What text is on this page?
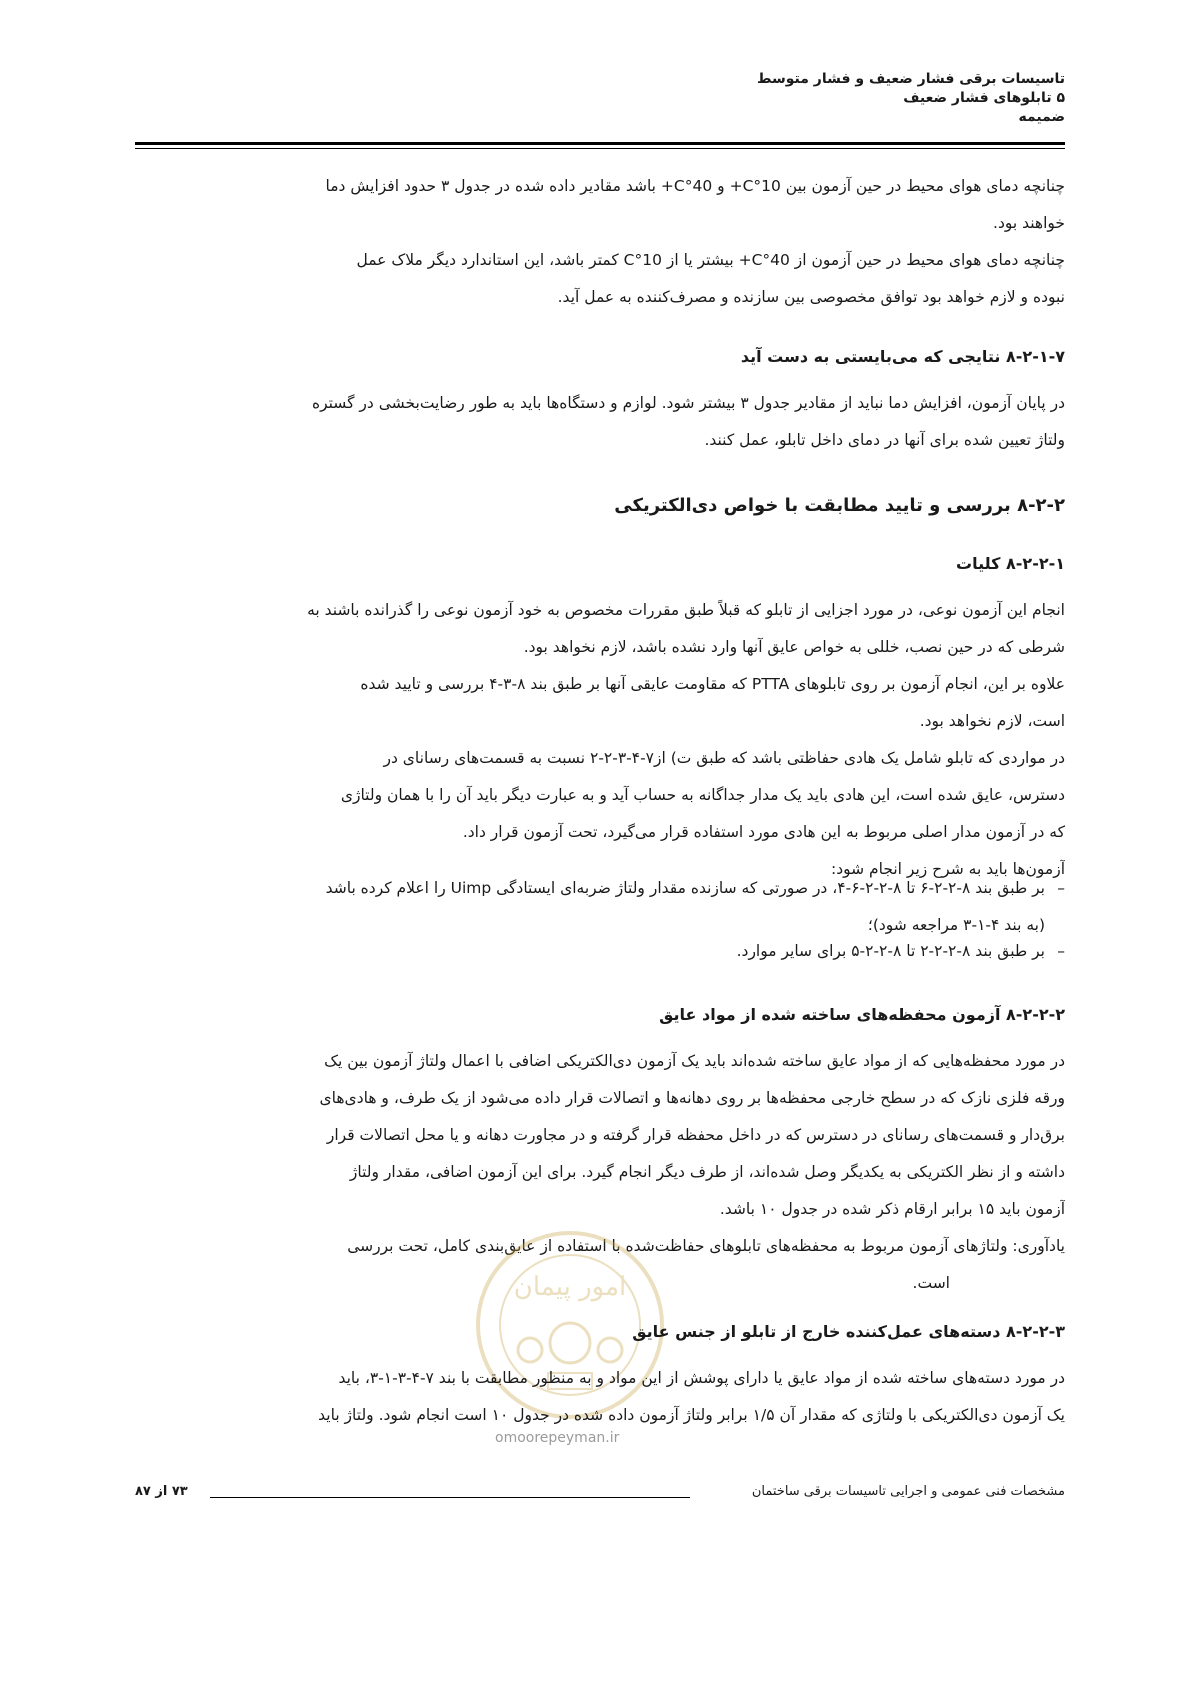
تاسیسات برقی فشار ضعیف و فشار متوسط
۵ تابلوهای فشار ضعیف
ضمیمه
چنانچه دمای هوای محیط در حین آزمون بین 10°C+ و 40°C+ باشد مقادیر داده شده در جدول ۳ حدود افزایش دما
خواهند بود.
چنانچه دمای هوای محیط در حین آزمون از 40°C+ بیشتر یا از 10°C کمتر باشد، این استاندارد دیگر ملاک عمل
نبوده و لازم خواهد بود توافق مخصوصی بین سازنده و مصرف‌کننده به عمل آید.
۸-۲-۱-۷ نتایجی که می‌بایستی به دست آید
در پایان آزمون، افزایش دما نباید از مقادیر جدول ۳ بیشتر شود. لوازم و دستگاه‌ها باید به طور رضایت‌بخشی در گستره
ولتاژ تعیین شده برای آنها در دمای داخل تابلو، عمل کنند.
۸-۲-۲ بررسی و تایید مطابقت با خواص دی‌الکتریکی
۸-۲-۲-۱ کلیات
انجام این آزمون نوعی، در مورد اجزایی از تابلو که قبلاً طبق مقررات مخصوص به خود آزمون نوعی را گذرانده باشند به
شرطی که در حین نصب، خللی به خواص عایق آنها وارد نشده باشد، لازم نخواهد بود.
علاوه بر این، انجام آزمون بر روی تابلوهای PTTA که مقاومت عایقی آنها بر طبق بند ۸-۳-۴ بررسی و تایید شده
است، لازم نخواهد بود.
در مواردی که تابلو شامل یک هادی حفاظتی باشد که طبق ت) از۷-۴-۳-۲-۲ نسبت به قسمت‌های رسانای در
دسترس، عایق شده است، این هادی باید یک مدار جداگانه به حساب آید و به عبارت دیگر باید آن را با همان ولتاژی
که در آزمون مدار اصلی مربوط به این هادی مورد استفاده قرار می‌گیرد، تحت آزمون قرار داد.
آزمون‌ها باید به شرح زیر انجام شود:
–
بر طبق بند ۸-۲-۲-۶ تا ۸-۲-۲-۶-۴، در صورتی که سازنده مقدار ولتاژ ضربه‌ای ایستادگی Uimp را اعلام کرده باشد
(به بند ۴-۱-۳ مراجعه شود)؛
–
بر طبق بند ۸-۲-۲-۲ تا ۸-۲-۲-۵ برای سایر موارد.
۸-۲-۲-۲ آزمون محفظه‌های ساخته شده از مواد عایق
در مورد محفظه‌هایی که از مواد عایق ساخته شده‌اند باید یک آزمون دی‌الکتریکی اضافی با اعمال ولتاژ آزمون بین یک
ورقه فلزی نازک که در سطح خارجی محفظه‌ها بر روی دهانه‌ها و اتصالات قرار داده می‌شود از یک طرف، و هادی‌های
برق‌دار و قسمت‌های رسانای در دسترس که در داخل محفظه قرار گرفته و در مجاورت دهانه و یا محل اتصالات قرار
داشته و از نظر الکتریکی به یکدیگر وصل شده‌اند، از طرف دیگر انجام گیرد. برای این آزمون اضافی، مقدار ولتاژ
آزمون باید ۱۵ برابر ارقام ذکر شده در جدول ۱۰ باشد.
یادآوری: ولتاژهای آزمون مربوط به محفظه‌های تابلوهای حفاظت‌شده با استفاده از عایق‌بندی کامل، تحت بررسی
است.
امور پیمان
omoorepeyman.ir
۸-۲-۲-۳ دسته‌های عمل‌کننده خارج از تابلو از جنس عایق
در مورد دسته‌های ساخته شده از مواد عایق یا دارای پوشش از این مواد و به منظور مطابقت با بند ۷-۴-۳-۱-۳، باید
یک آزمون دی‌الکتریکی با ولتاژی که مقدار آن ۱/۵ برابر ولتاژ آزمون داده شده در جدول ۱۰ است انجام شود. ولتاژ باید
مشخصات فنی عمومی و اجرایی تاسیسات برقی ساختمان
۷۳ از ۸۷
